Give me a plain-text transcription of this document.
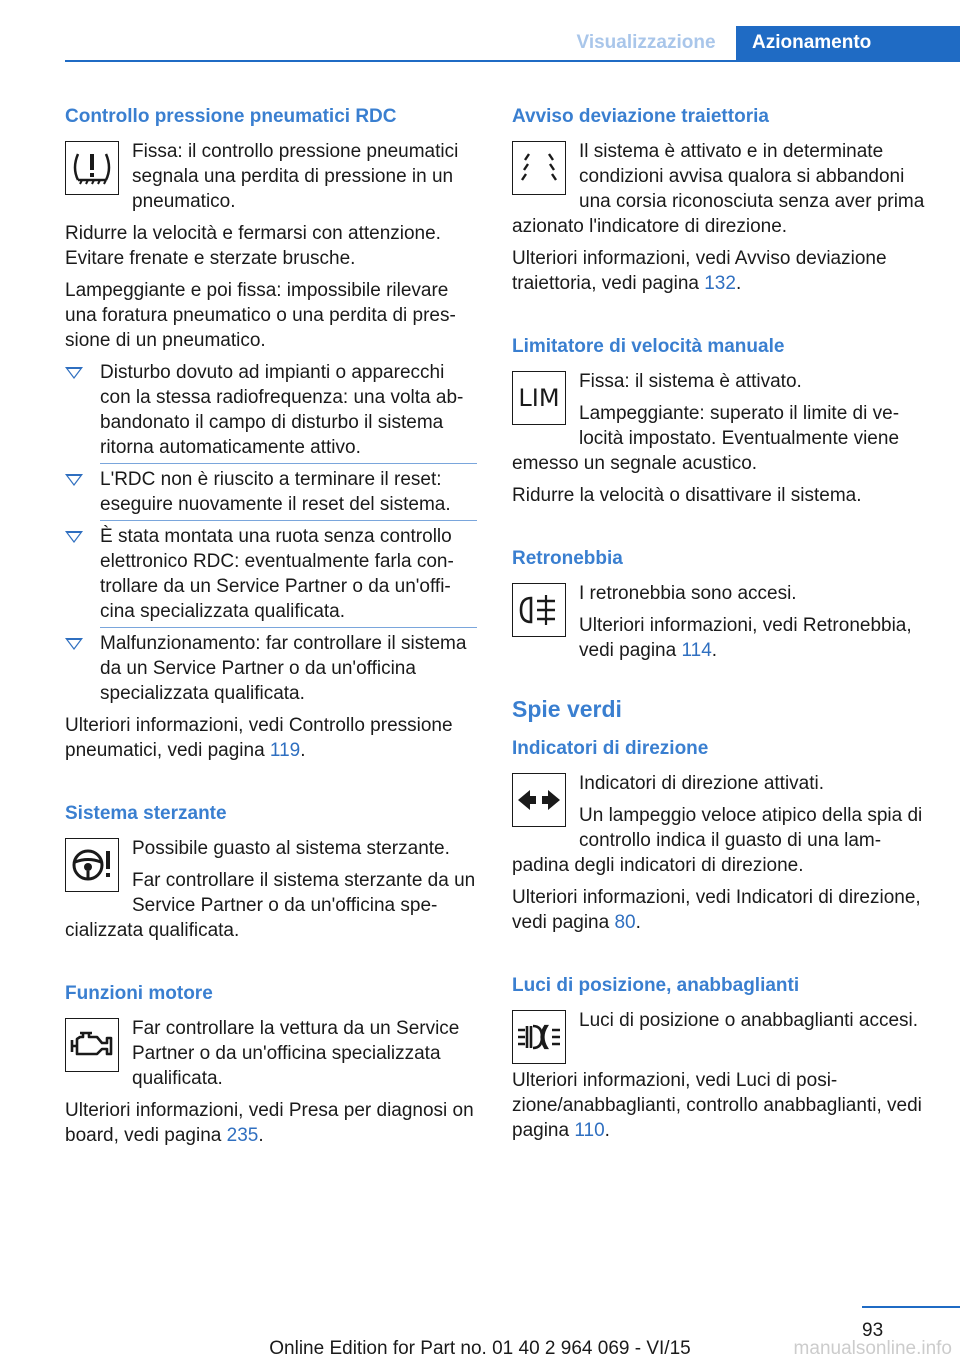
Visualizzazione	Azionamento
Controllo pressione pneumatici RDC

Fissa: il controllo pressione pneumatici segnala una perdita di pressione in un pneumatico.

Ridurre la velocità e fermarsi con attenzione. Evitare frenate e sterzate brusche.

Lampeggiante e poi fissa: impossibile rilevare una foratura pneumatico o una perdita di pressione di un pneumatico.

Disturbo dovuto ad impianti o apparecchi con la stessa radiofrequenza: una volta abbandonato il campo di disturbo il sistema ritorna automaticamente attivo.
L'RDC non è riuscito a terminare il reset: eseguire nuovamente il reset del sistema.
È stata montata una ruota senza controllo elettronico RDC: eventualmente farla controllare da un Service Partner o da un'officina specializzata qualificata.
Malfunzionamento: far controllare il sistema da un Service Partner o da un'officina specializzata qualificata.

Ulteriori informazioni, vedi Controllo pressione pneumatici, vedi pagina 119.

Sistema sterzante

Possibile guasto al sistema sterzante.

Far controllare il sistema sterzante da un Service Partner o da un'officina specializzata qualificata.

Funzioni motore

Far controllare la vettura da un Service Partner o da un'officina specializzata qualificata.

Ulteriori informazioni, vedi Presa per diagnosi on board, vedi pagina 235.

Avviso deviazione traiettoria

Il sistema è attivato e in determinate condizioni avvisa qualora si abbandoni una corsia riconosciuta senza aver prima azionato l'indicatore di direzione.

Ulteriori informazioni, vedi Avviso deviazione traiettoria, vedi pagina 132.

Limitatore di velocità manuale
LIM

Fissa: il sistema è attivato.

Lampeggiante: superato il limite di velocità impostato. Eventualmente viene emesso un segnale acustico.

Ridurre la velocità o disattivare il sistema.

Retronebbia

I retronebbia sono accesi.

Ulteriori informazioni, vedi Retronebbia, vedi pagina 114.

Spie verdi
Indicatori di direzione

Indicatori di direzione attivati.

Un lampeggio veloce atipico della spia di controllo indica il guasto di una lampadina degli indicatori di direzione.

Ulteriori informazioni, vedi Indicatori di direzione, vedi pagina 80.

Luci di posizione, anabbaglianti

Luci di posizione o anabbaglianti accesi.

Ulteriori informazioni, vedi Luci di posizione/anabbaglianti, controllo anabbaglianti, vedi pagina 110.

93
Online Edition for Part no. 01 40 2 964 069 - VI/15	manualsonline.info
